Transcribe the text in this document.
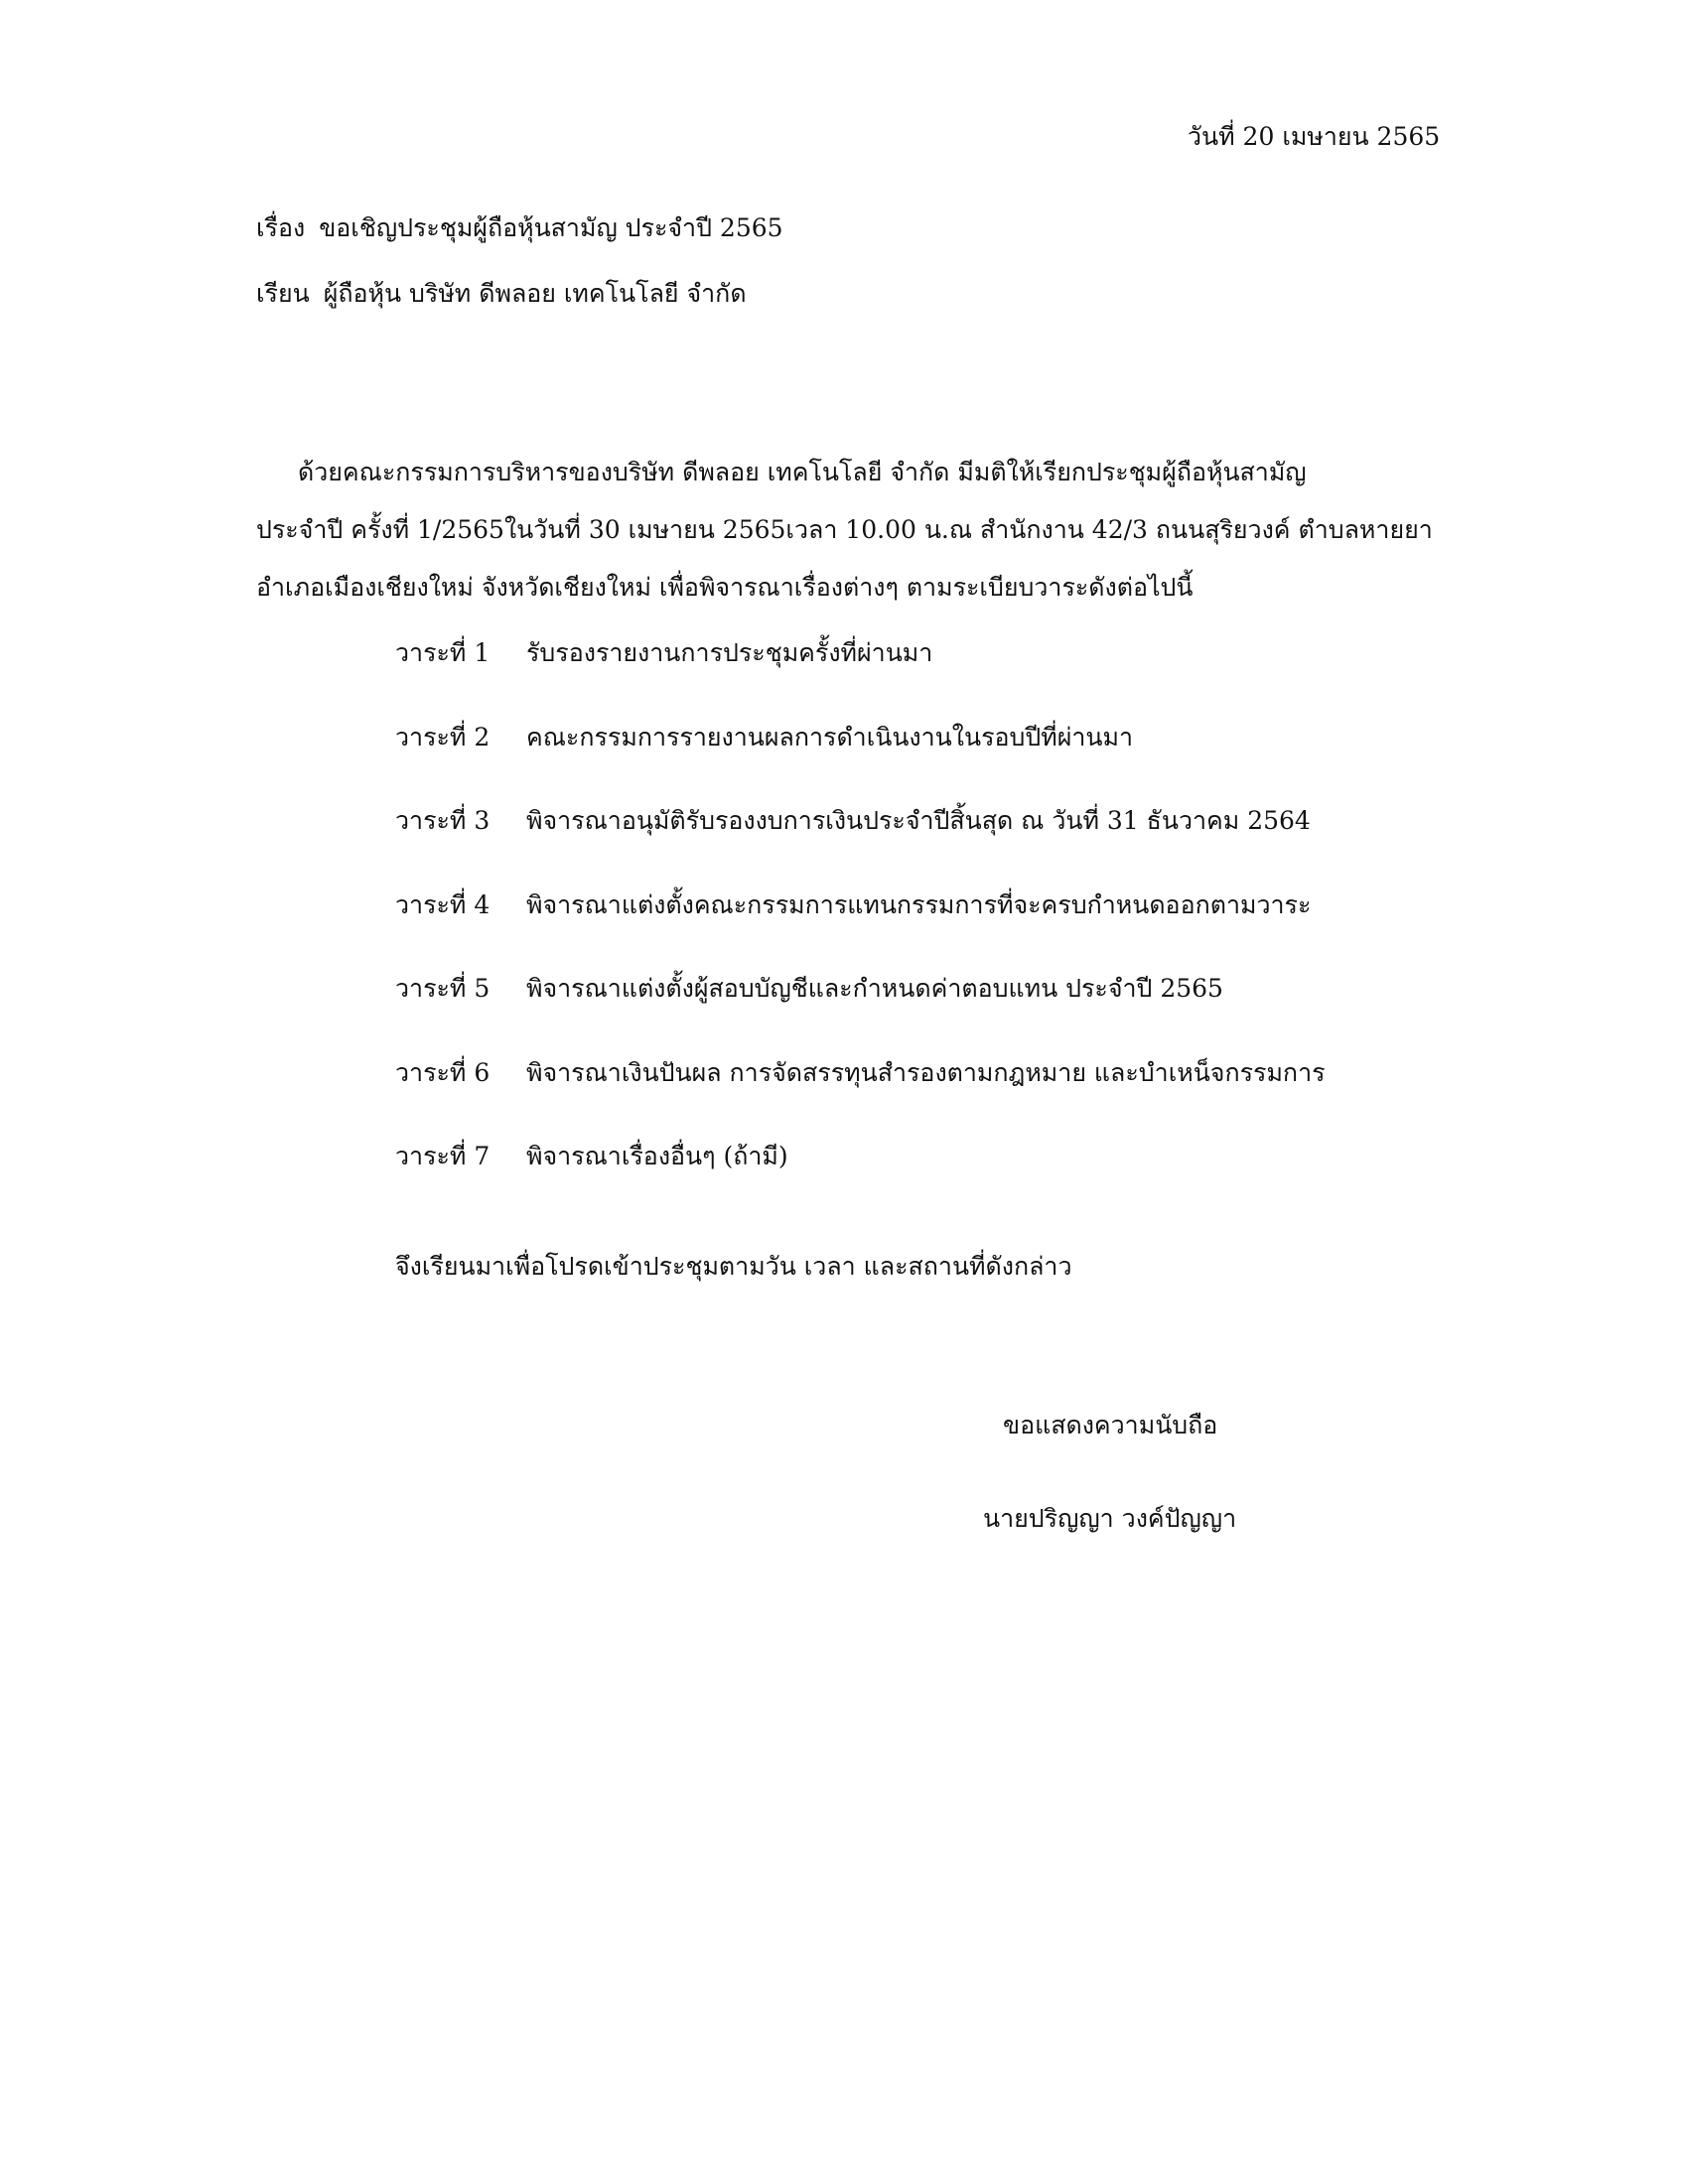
วันที่ 20 เมษายน 2565
เรื่อง ขอเชิญประชุมผู้ถือหุ้นสามัญ ประจำปี 2565
เรียน ผู้ถือหุ้น บริษัท ดีพลอย เทคโนโลยี จำกัด
ด้วยคณะกรรมการบริหารของบริษัท ดีพลอย เทคโนโลยี จำกัด มีมติให้เรียกประชุมผู้ถือหุ้นสามัญ
ประจำปี ครั้งที่ 1/2565ในวันที่ 30 เมษายน 2565เวลา 10.00 น.ณ สำนักงาน 42/3 ถนนสุริยวงค์ ตำบลหายยา
อำเภอเมืองเชียงใหม่ จังหวัดเชียงใหม่ เพื่อพิจารณาเรื่องต่างๆ ตามระเบียบวาระดังต่อไปนี้
วาระที่ 1	รับรองรายงานการประชุมครั้งที่ผ่านมา
วาระที่ 2	คณะกรรมการรายงานผลการดำเนินงานในรอบปีที่ผ่านมา
วาระที่ 3	พิจารณาอนุมัติรับรองงบการเงินประจำปีสิ้นสุด ณ วันที่ 31 ธันวาคม 2564
วาระที่ 4	พิจารณาแต่งตั้งคณะกรรมการแทนกรรมการที่จะครบกำหนดออกตามวาระ
วาระที่ 5	พิจารณาแต่งตั้งผู้สอบบัญชีและกำหนดค่าตอบแทน ประจำปี 2565
วาระที่ 6	พิจารณาเงินปันผล การจัดสรรทุนสำรองตามกฎหมาย และบำเหน็จกรรมการ
วาระที่ 7	พิจารณาเรื่องอื่นๆ (ถ้ามี)
จึงเรียนมาเพื่อโปรดเข้าประชุมตามวัน เวลา และสถานที่ดังกล่าว
ขอแสดงความนับถือ
นายปริญญา วงค์ปัญญา
